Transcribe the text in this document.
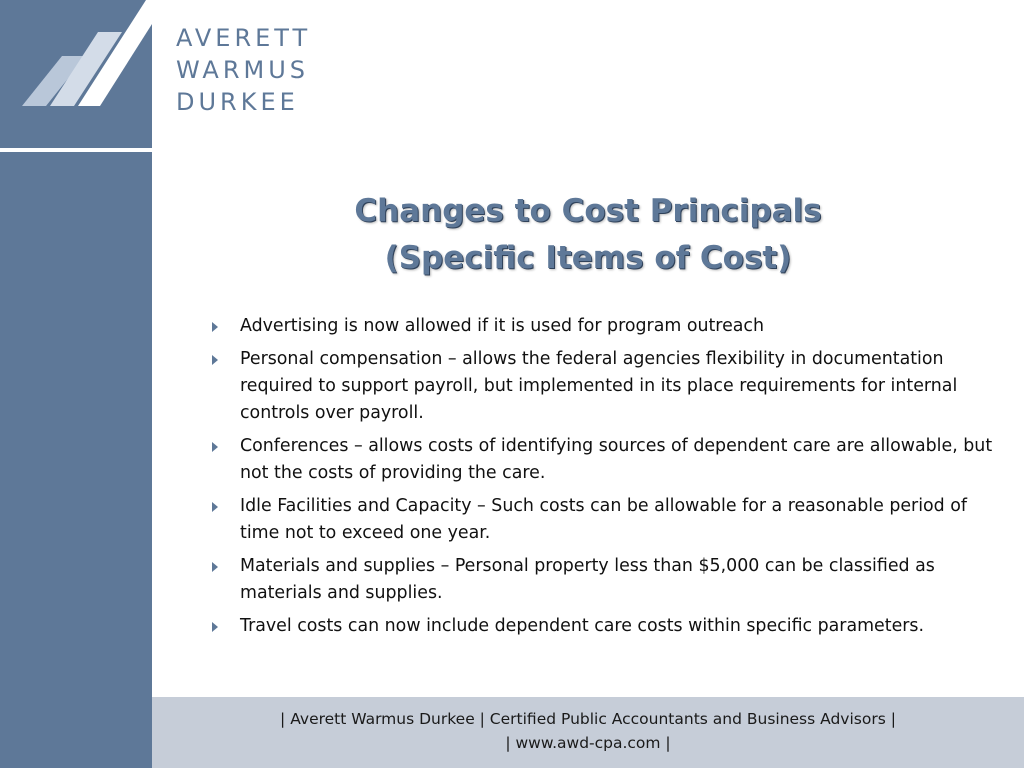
AVERETT
WARMUS
DURKEE
Changes to Cost Principals
(Specific Items of Cost)
Advertising is now allowed if it is used for program outreach
Personal compensation – allows the federal agencies flexibility in documentation required to support payroll, but implemented in its place requirements for internal controls over payroll.
Conferences – allows costs of identifying sources of dependent care are allowable, but not the costs of providing the care.
Idle Facilities and Capacity – Such costs can be allowable for a reasonable period of time not to exceed one year.
Materials and supplies – Personal property less than $5,000 can be classified as materials and supplies.
Travel costs can now include dependent care costs within specific parameters.
| Averett Warmus Durkee | Certified Public Accountants and Business Advisors |
| www.awd-cpa.com |
